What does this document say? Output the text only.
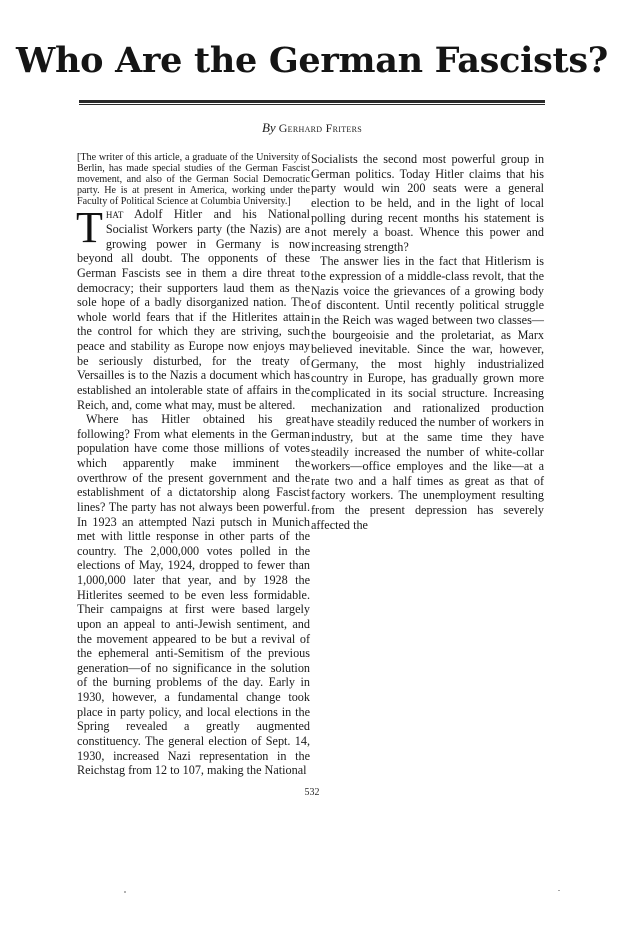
Who Are the German Fascists?
By Gerhard Friters

[The writer of this article, a graduate of the University of Berlin, has made special studies of the German Fascist movement, and also of the German Social Democratic party. He is at present in America, working under the Faculty of Political Science at Columbia University.]

That Adolf Hitler and his National Socialist Workers party (the Nazis) are a growing power in Germany is now beyond all doubt. The opponents of these German Fascists see in them a dire threat to democracy; their supporters laud them as the sole hope of a badly disorganized nation. The whole world fears that if the Hitlerites attain the control for which they are striving, such peace and stability as Europe now enjoys may be seriously disturbed, for the treaty of Versailles is to the Nazis a document which has established an intolerable state of affairs in the Reich, and, come what may, must be altered.

Where has Hitler obtained his great following? From what elements in the German population have come those millions of votes which apparently make imminent the overthrow of the present government and the establishment of a dictatorship along Fascist lines? The party has not always been powerful. In 1923 an attempted Nazi putsch in Munich met with little response in other parts of the country. The 2,000,000 votes polled in the elections of May, 1924, dropped to fewer than 1,000,000 later that year, and by 1928 the Hitlerites seemed to be even less formidable. Their campaigns at first were based largely upon an appeal to anti-Jewish sentiment, and the movement appeared to be but a revival of the ephemeral anti-Semitism of the previous generation—of no significance in the solution of the burning problems of the day. Early in 1930, however, a fundamental change took place in party policy, and local elections in the Spring revealed a greatly augmented constituency. The general election of Sept. 14, 1930, increased Nazi representation in the Reichstag from 12 to 107, making the National

Socialists the second most powerful group in German politics. Today Hitler claims that his party would win 200 seats were a general election to be held, and in the light of local polling during recent months his statement is not merely a boast. Whence this power and increasing strength?

The answer lies in the fact that Hitlerism is the expression of a middle-class revolt, that the Nazis voice the grievances of a growing body of discontent. Until recently political struggle in the Reich was waged between two classes—the bourgeoisie and the proletariat, as Marx believed inevitable. Since the war, however, Germany, the most highly industrialized country in Europe, has gradually grown more complicated in its social structure. Increasing mechanization and rationalized production have steadily reduced the number of workers in industry, but at the same time they have steadily increased the number of white-collar workers—office employes and the like—at a rate two and a half times as great as that of factory workers. The unemployment resulting from the present depression has severely affected the

532
